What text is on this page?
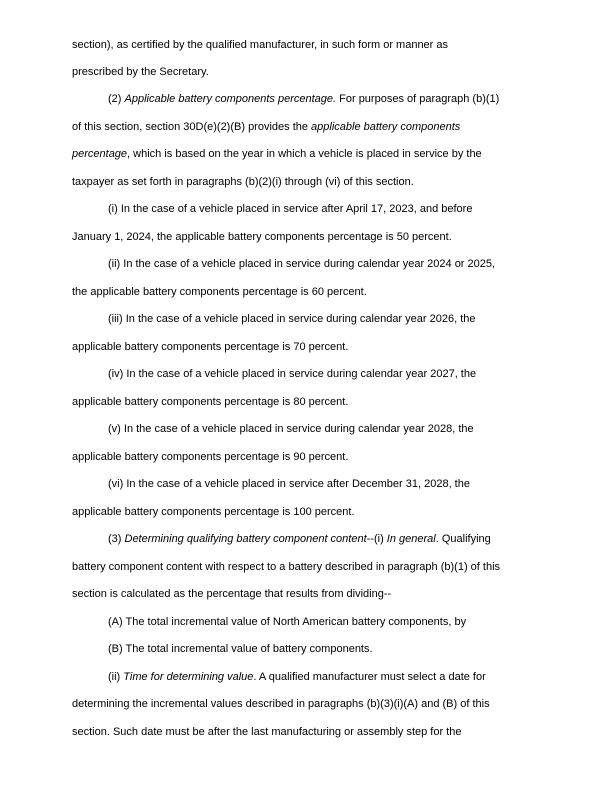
section), as certified by the qualified manufacturer, in such form or manner as

prescribed by the Secretary.

(2) Applicable battery components percentage. For purposes of paragraph (b)(1)

of this section, section 30D(e)(2)(B) provides the applicable battery components

percentage, which is based on the year in which a vehicle is placed in service by the

taxpayer as set forth in paragraphs (b)(2)(i) through (vi) of this section.

(i) In the case of a vehicle placed in service after April 17, 2023, and before

January 1, 2024, the applicable battery components percentage is 50 percent.

(ii) In the case of a vehicle placed in service during calendar year 2024 or 2025,

the applicable battery components percentage is 60 percent.

(iii) In the case of a vehicle placed in service during calendar year 2026, the

applicable battery components percentage is 70 percent.

(iv) In the case of a vehicle placed in service during calendar year 2027, the

applicable battery components percentage is 80 percent.

(v) In the case of a vehicle placed in service during calendar year 2028, the

applicable battery components percentage is 90 percent.

(vi) In the case of a vehicle placed in service after December 31, 2028, the

applicable battery components percentage is 100 percent.

(3) Determining qualifying battery component content--(i) In general. Qualifying

battery component content with respect to a battery described in paragraph (b)(1) of this

section is calculated as the percentage that results from dividing--

(A) The total incremental value of North American battery components, by

(B) The total incremental value of battery components.

(ii) Time for determining value. A qualified manufacturer must select a date for

determining the incremental values described in paragraphs (b)(3)(i)(A) and (B) of this

section. Such date must be after the last manufacturing or assembly step for the
